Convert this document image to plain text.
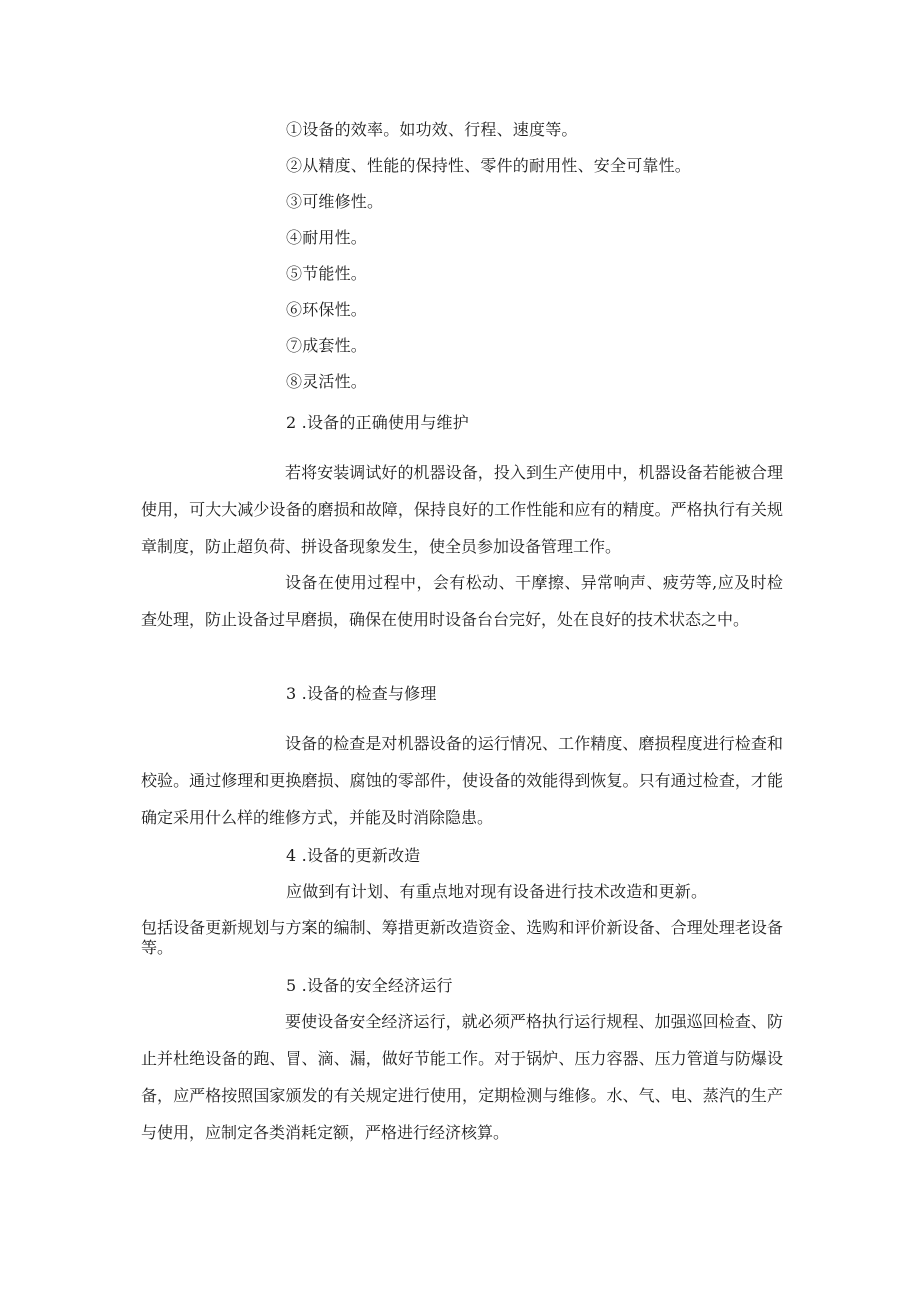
①设备的效率。如功效、行程、速度等。
②从精度、性能的保持性、零件的耐用性、安全可靠性。
③可维修性。
④耐用性。
⑤节能性。
⑥环保性。
⑦成套性。
⑧灵活性。
2 .设备的正确使用与维护
若将安装调试好的机器设备，投入到生产使用中，机器设备若能被合理使用，可大大减少设备的磨损和故障，保持良好的工作性能和应有的精度。严格执行有关规章制度，防止超负荷、拼设备现象发生，使全员参加设备管理工作。
设备在使用过程中，会有松动、干摩擦、异常响声、疲劳等,应及时检查处理，防止设备过早磨损，确保在使用时设备台台完好，处在良好的技术状态之中。
3 .设备的检查与修理
设备的检查是对机器设备的运行情况、工作精度、磨损程度进行检查和校验。通过修理和更换磨损、腐蚀的零部件，使设备的效能得到恢复。只有通过检查，才能确定采用什么样的维修方式，并能及时消除隐患。
4 .设备的更新改造
应做到有计划、有重点地对现有设备进行技术改造和更新。
包括设备更新规划与方案的编制、筹措更新改造资金、选购和评价新设备、合理处理老设备等。
5 .设备的安全经济运行
要使设备安全经济运行，就必须严格执行运行规程、加强巡回检查、防止并杜绝设备的跑、冒、滴、漏，做好节能工作。对于锅炉、压力容器、压力管道与防爆设备，应严格按照国家颁发的有关规定进行使用，定期检测与维修。水、气、电、蒸汽的生产与使用，应制定各类消耗定额，严格进行经济核算。
